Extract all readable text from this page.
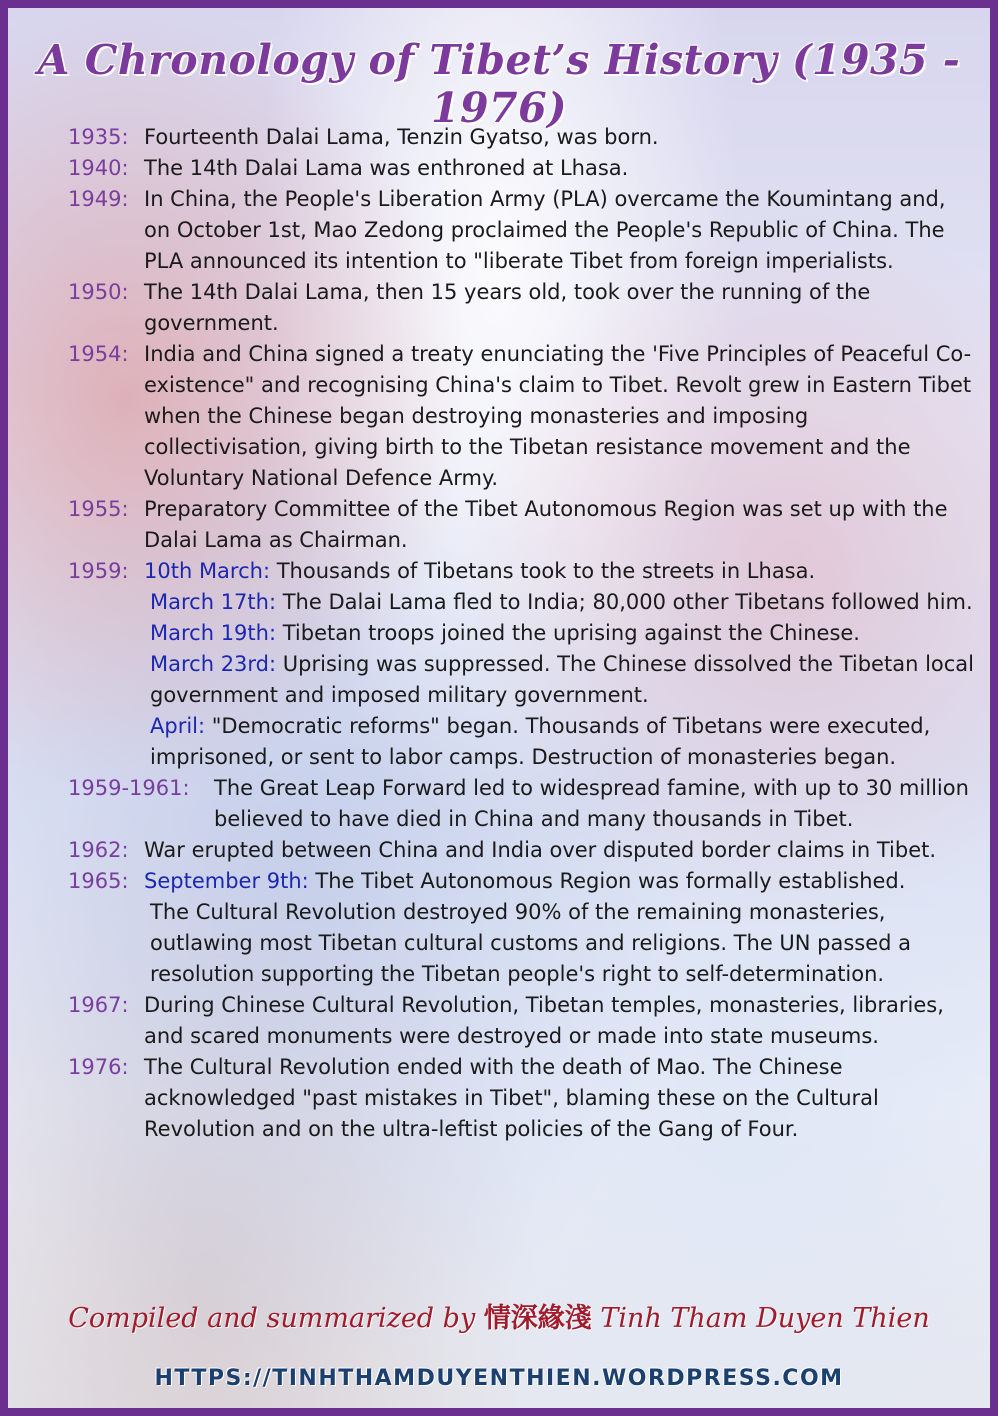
A Chronology of Tibet’s History (1935 - 1976)
1935: Fourteenth Dalai Lama, Tenzin Gyatso, was born.
1940: The 14th Dalai Lama was enthroned at Lhasa.
1949: In China, the People's Liberation Army (PLA) overcame the Koumintang and, on October 1st, Mao Zedong proclaimed the People's Republic of China. The PLA announced its intention to "liberate Tibet from foreign imperialists.
1950: The 14th Dalai Lama, then 15 years old, took over the running of the government.
1954: India and China signed a treaty enunciating the 'Five Principles of Peaceful Co-existence" and recognising China's claim to Tibet. Revolt grew in Eastern Tibet when the Chinese began destroying monasteries and imposing collectivisation, giving birth to the Tibetan resistance movement and the Voluntary National Defence Army.
1955: Preparatory Committee of the Tibet Autonomous Region was set up with the Dalai Lama as Chairman.
1959: 10th March: Thousands of Tibetans took to the streets in Lhasa.
March 17th: The Dalai Lama fled to India; 80,000 other Tibetans followed him.
March 19th: Tibetan troops joined the uprising against the Chinese.
March 23rd: Uprising was suppressed. The Chinese dissolved the Tibetan local government and imposed military government.
April: "Democratic reforms" began. Thousands of Tibetans were executed, imprisoned, or sent to labor camps. Destruction of monasteries began.
1959-1961:	The Great Leap Forward led to widespread famine, with up to 30 million believed to have died in China and many thousands in Tibet.
1962: War erupted between China and India over disputed border claims in Tibet.
1965: September 9th: The Tibet Autonomous Region was formally established.
The Cultural Revolution destroyed 90% of the remaining monasteries, outlawing most Tibetan cultural customs and religions. The UN passed a resolution supporting the Tibetan people's right to self-determination.
1967: During Chinese Cultural Revolution, Tibetan temples, monasteries, libraries, and scared monuments were destroyed or made into state museums.
1976: The Cultural Revolution ended with the death of Mao. The Chinese acknowledged "past mistakes in Tibet", blaming these on the Cultural Revolution and on the ultra-leftist policies of the Gang of Four.
Compiled and summarized by 情深緣淺 Tinh Tham Duyen Thien
HTTPS://TINHTHAMDUYENTHIEN.WORDPRESS.COM
